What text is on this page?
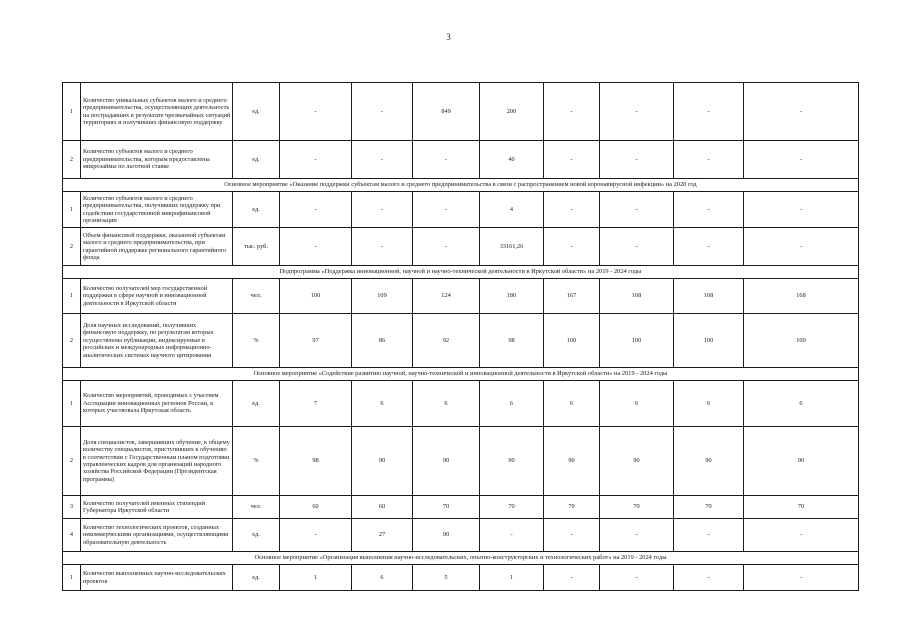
3
1	Количество уникальных субъектов малого и среднего предпринимательства, осуществляющих деятельность на пострадавших в результате чрезвычайных ситуаций территориях и получивших финансовую поддержку	ед.	-	-	849	200	-	-	-	-
2	Количество субъектов малого и среднего предпринимательства, которым предоставлены микрозаймы по льготной ставке	ед.	-	-	-	40	-	-	-	-
Основное мероприятие «Оказание поддержки субъектам малого и среднего предпринимательства в связи с распространением новой коронавирусной инфекции» на 2020 год										
1	Количество субъектов малого и среднего предпринимательства, получивших поддержку при содействии государственной микрофинансовой организации	ед.	-	-	-	4	-	-	-	-
2	Объем финансовой поддержки, оказанной субъектам малого и среднего предпринимательства, при гарантийной поддержке регионального гарантийного фонда	тыс. руб.	-	-	-	33161,26	-	-	-	-
Подпрограмма «Поддержка инновационной, научной и научно-технической деятельности в Иркутской области» на 2019 - 2024 годы										
1	Количество получателей мер государственной поддержки в сфере научной и инновационной деятельности в Иркутской области	чел.	100	109	124	180	167	168	168	168
2	Доля научных исследований, получивших финансовую поддержку, по результатам которых осуществлены публикации, индексируемые в российских и международных информационно-аналитических системах научного цитирования	%	97	86	92	98	100	100	100	100
Основное мероприятие «Содействие развитию научной, научно-технической и инновационной деятельности в Иркутской области» на 2019 - 2024 годы										
1	Количество мероприятий, проводимых с участием Ассоциации инновационных регионов России, в которых участвовала Иркутская область	ед.	7	6	6	6	6	6	6	6
2	Доля специалистов, завершивших обучение, к общему количеству специалистов, приступивших к обучению в соответствии с Государственным планом подготовки управленческих кадров для организаций народного хозяйства Российской Федерации (Президентская программа)	%	98	90	90	90	90	90	90	90
3	Количество получателей именных стипендий Губернатора Иркутской области	чел.	60	60	70	70	70	70	70	70
4	Количество технологических проектов, созданных некоммерческими организациями, осуществляющими образовательную деятельность	ед.	-	27	90	-	-	-	-	-
Основное мероприятие «Организация выполнения научно-исследовательских, опытно-конструкторских и технологических работ» на 2019 - 2024 годы										
1	Количество выполненных научно-исследовательских проектов	ед.	1	6	5	1	-	-	-	-
